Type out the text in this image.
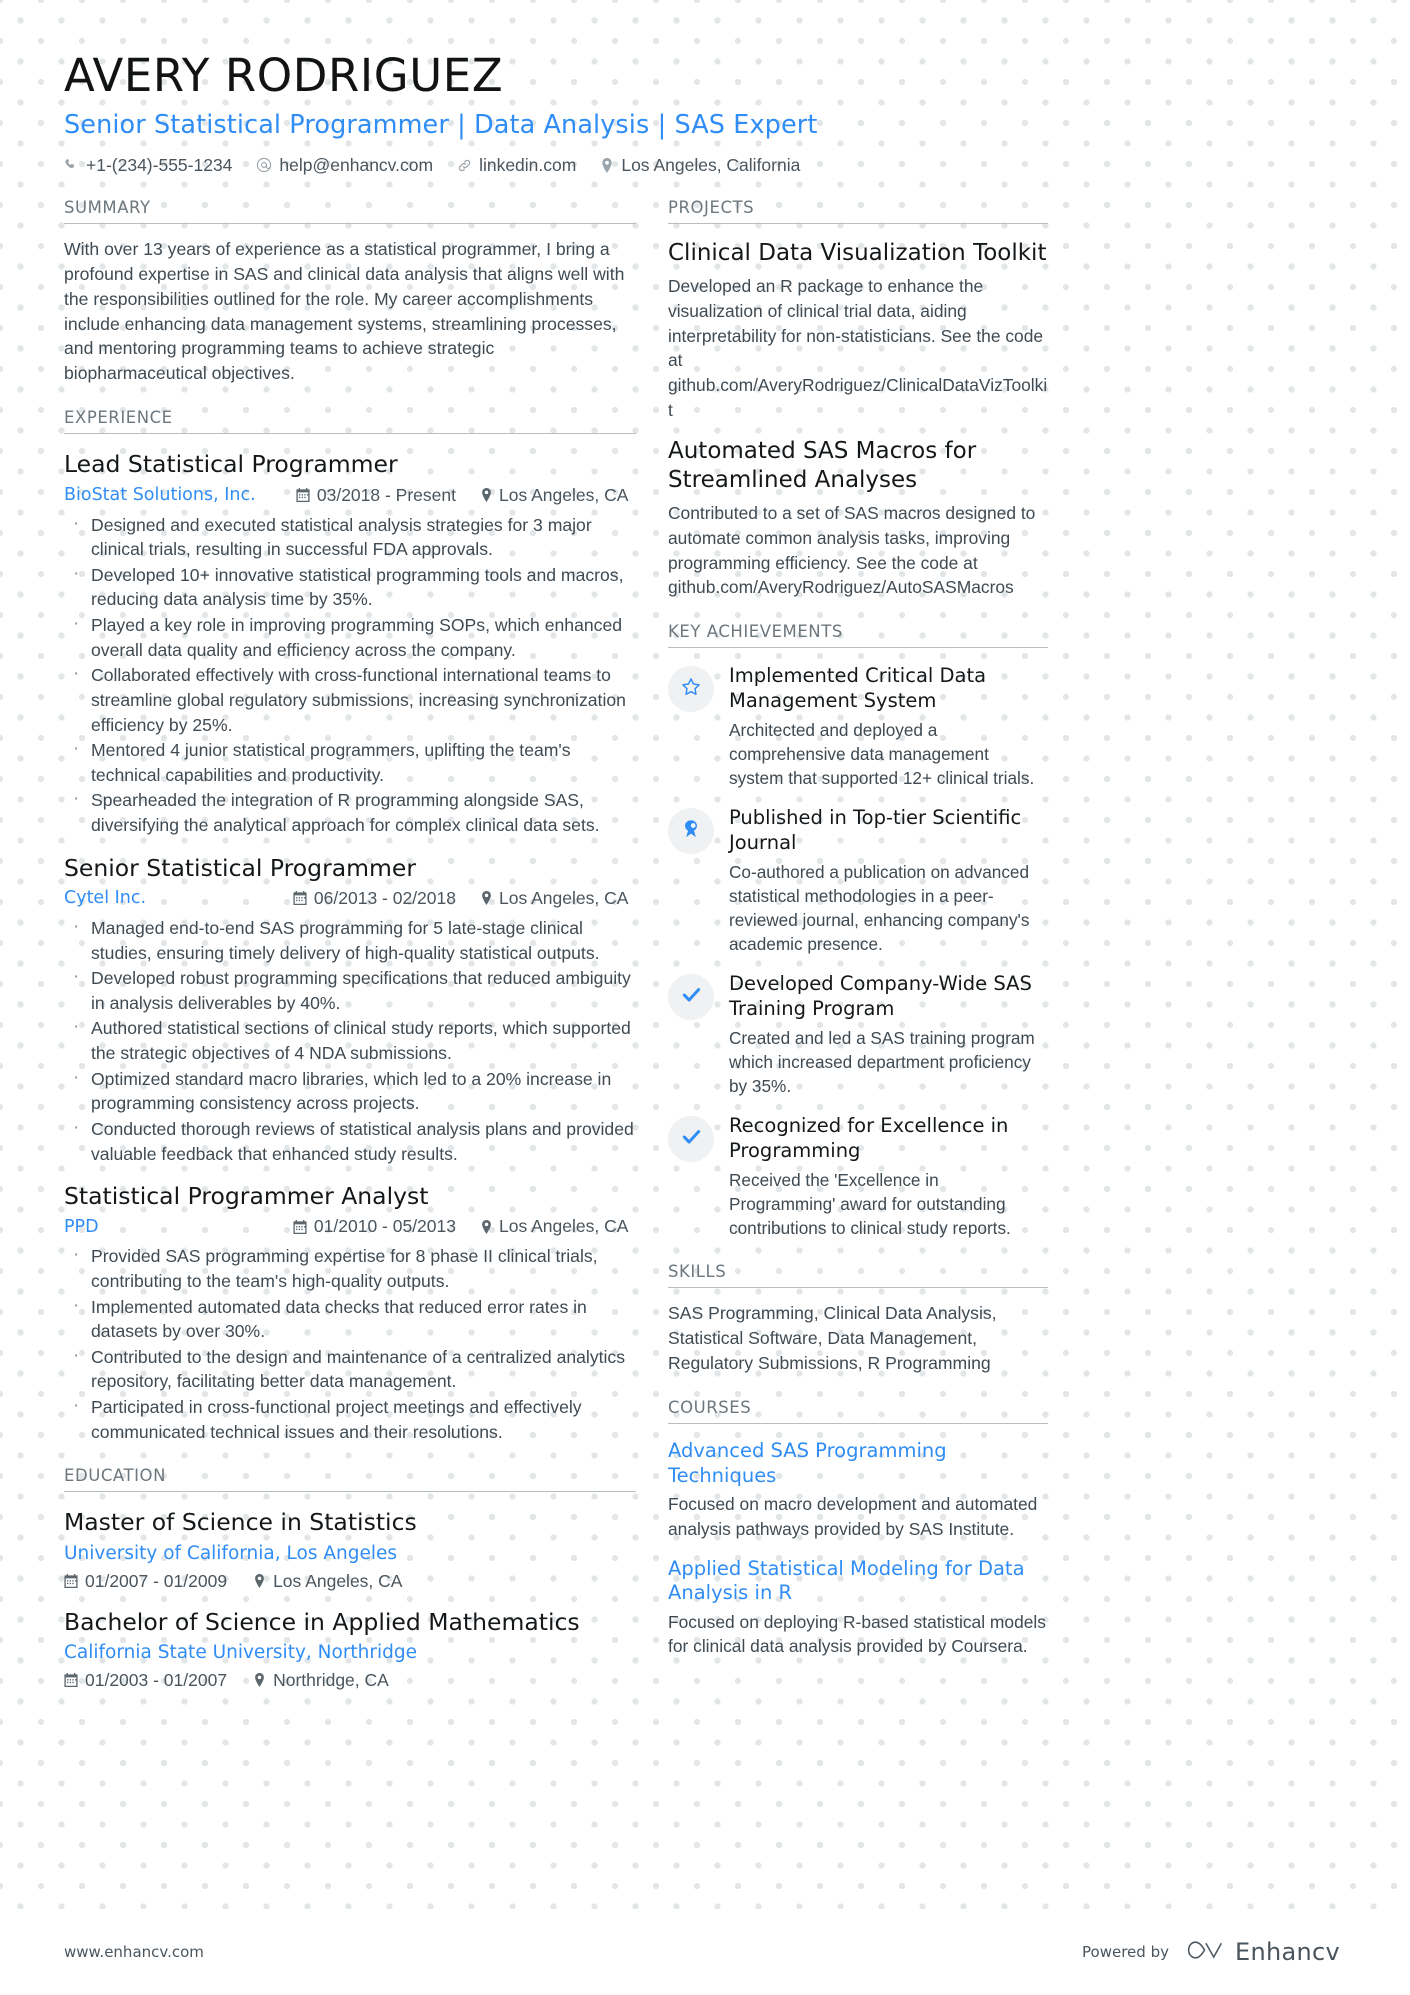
AVERY RODRIGUEZ
Senior Statistical Programmer | Data Analysis | SAS Expert
+1-(234)-555-1234	help@enhancv.com	linkedin.com	Los Angeles, California
SUMMARY
With over 13 years of experience as a statistical programmer, I bring a profound expertise in SAS and clinical data analysis that aligns well with the responsibilities outlined for the role. My career accomplishments include enhancing data management systems, streamlining processes, and mentoring programming teams to achieve strategic biopharmaceutical objectives.
EXPERIENCE
Lead Statistical Programmer
BioStat Solutions, Inc.	03/2018 - Present Los Angeles, CA
· Designed and executed statistical analysis strategies for 3 major clinical trials, resulting in successful FDA approvals.
· Developed 10+ innovative statistical programming tools and macros, reducing data analysis time by 35%.
· Played a key role in improving programming SOPs, which enhanced overall data quality and efficiency across the company.
· Collaborated effectively with cross-functional international teams to streamline global regulatory submissions, increasing synchronization efficiency by 25%.
· Mentored 4 junior statistical programmers, uplifting the team's technical capabilities and productivity.
· Spearheaded the integration of R programming alongside SAS, diversifying the analytical approach for complex clinical data sets.
Senior Statistical Programmer
Cytel Inc.	06/2013 - 02/2018 Los Angeles, CA
· Managed end-to-end SAS programming for 5 late-stage clinical studies, ensuring timely delivery of high-quality statistical outputs.
· Developed robust programming specifications that reduced ambiguity in analysis deliverables by 40%.
· Authored statistical sections of clinical study reports, which supported the strategic objectives of 4 NDA submissions.
· Optimized standard macro libraries, which led to a 20% increase in programming consistency across projects.
· Conducted thorough reviews of statistical analysis plans and provided valuable feedback that enhanced study results.
Statistical Programmer Analyst
PPD	01/2010 - 05/2013 Los Angeles, CA
· Provided SAS programming expertise for 8 phase II clinical trials, contributing to the team's high-quality outputs.
· Implemented automated data checks that reduced error rates in datasets by over 30%.
· Contributed to the design and maintenance of a centralized analytics repository, facilitating better data management.
· Participated in cross-functional project meetings and effectively communicated technical issues and their resolutions.
EDUCATION
Master of Science in Statistics
University of California, Los Angeles
01/2007 - 01/2009	Los Angeles, CA
Bachelor of Science in Applied Mathematics
California State University, Northridge
01/2003 - 01/2007	Northridge, CA
PROJECTS
Clinical Data Visualization Toolkit
Developed an R package to enhance the visualization of clinical trial data, aiding interpretability for non-statisticians. See the code at github.com/AveryRodriguez/ClinicalDataVizToolkit
Automated SAS Macros for Streamlined Analyses
Contributed to a set of SAS macros designed to automate common analysis tasks, improving programming efficiency. See the code at github.com/AveryRodriguez/AutoSASMacros
KEY ACHIEVEMENTS
Implemented Critical Data Management System
Architected and deployed a comprehensive data management system that supported 12+ clinical trials.
Published in Top-tier Scientific Journal
Co-authored a publication on advanced statistical methodologies in a peer-reviewed journal, enhancing company's academic presence.
Developed Company-Wide SAS Training Program
Created and led a SAS training program which increased department proficiency by 35%.
Recognized for Excellence in Programming
Received the 'Excellence in Programming' award for outstanding contributions to clinical study reports.
SKILLS
SAS Programming, Clinical Data Analysis, Statistical Software, Data Management, Regulatory Submissions, R Programming
COURSES
Advanced SAS Programming Techniques
Focused on macro development and automated analysis pathways provided by SAS Institute.
Applied Statistical Modeling for Data Analysis in R
Focused on deploying R-based statistical models for clinical data analysis provided by Coursera.
www.enhancv.com	Powered by	Enhancv
